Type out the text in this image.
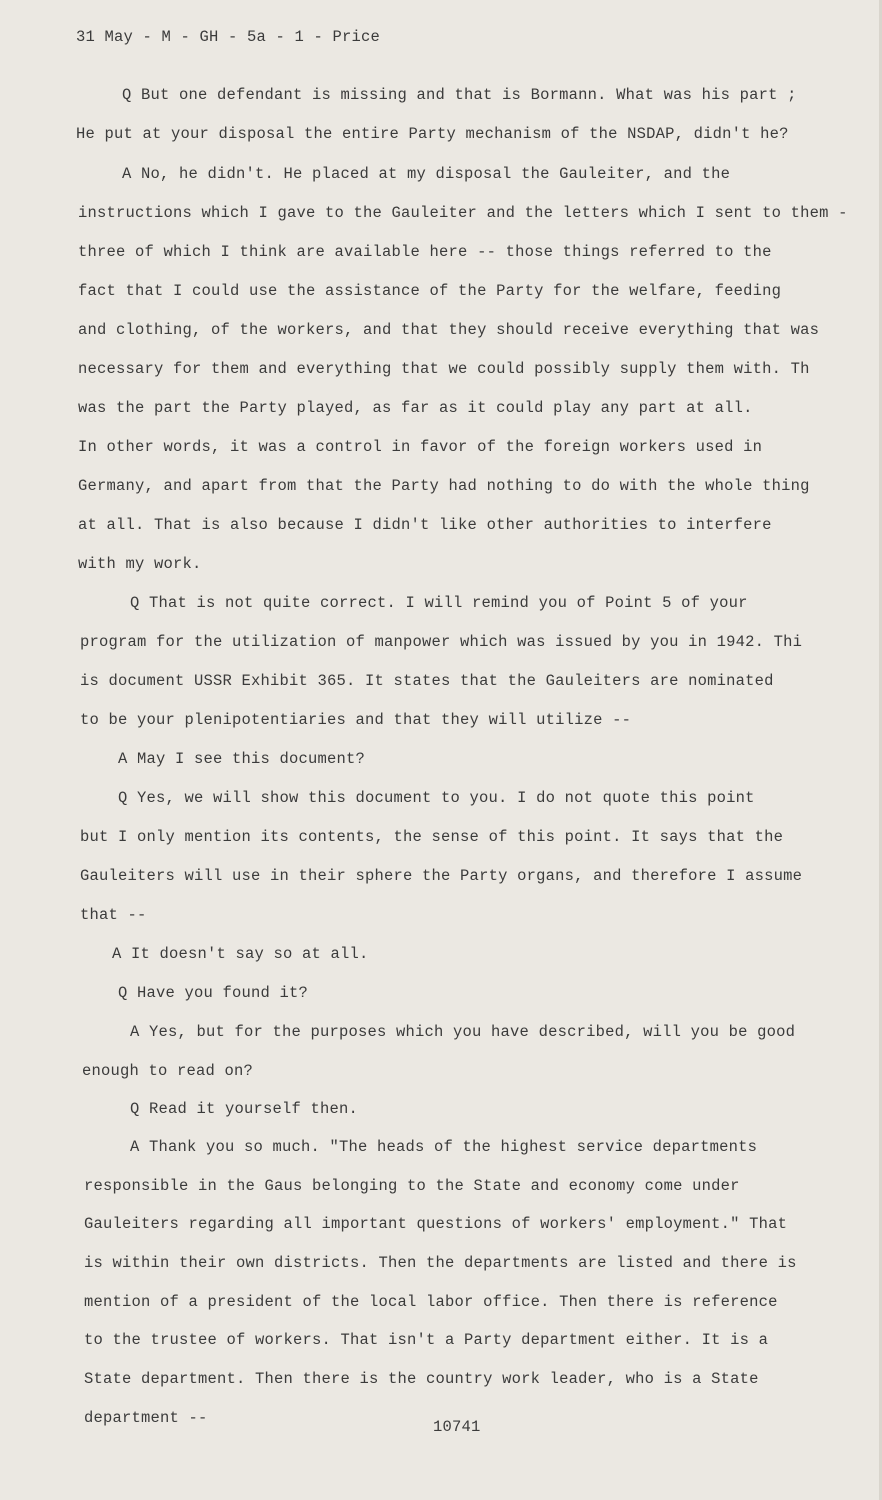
31 May - M - GH - 5a - 1 - Price
Q But one defendant is missing and that is Bormann. What was his part ;
He put at your disposal the entire Party mechanism of the NSDAP, didn't he?
A No, he didn't. He placed at my disposal the Gauleiter, and the
instructions which I gave to the Gauleiter and the letters which I sent to them -
three of which I think are available here -- those things referred to the
fact that I could use the assistance of the Party for the welfare, feeding
and clothing, of the workers, and that they should receive everything that was
necessary for them and everything that we could possibly supply them with. Th
was the part the Party played, as far as it could play any part at all.
In other words, it was a control in favor of the foreign workers used in
Germany, and apart from that the Party had nothing to do with the whole thing
at all. That is also because I didn't like other authorities to interfere
with my work.
Q That is not quite correct. I will remind you of Point 5 of your
program for the utilization of manpower which was issued by you in 1942. Thi
is document USSR Exhibit 365. It states that the Gauleiters are nominated
to be your plenipotentiaries and that they will utilize --
A May I see this document?
Q Yes, we will show this document to you. I do not quote this point
but I only mention its contents, the sense of this point. It says that the
Gauleiters will use in their sphere the Party organs, and therefore I assume
that --
A It doesn't say so at all.
Q Have you found it?
A Yes, but for the purposes which you have described, will you be good
enough to read on?
Q Read it yourself then.
A Thank you so much. "The heads of the highest service departments
responsible in the Gaus belonging to the State and economy come under
Gauleiters regarding all important questions of workers' employment." That
is within their own districts. Then the departments are listed and there is
mention of a president of the local labor office. Then there is reference
to the trustee of workers. That isn't a Party department either. It is a
State department. Then there is the country work leader, who is a State
department --	10741
